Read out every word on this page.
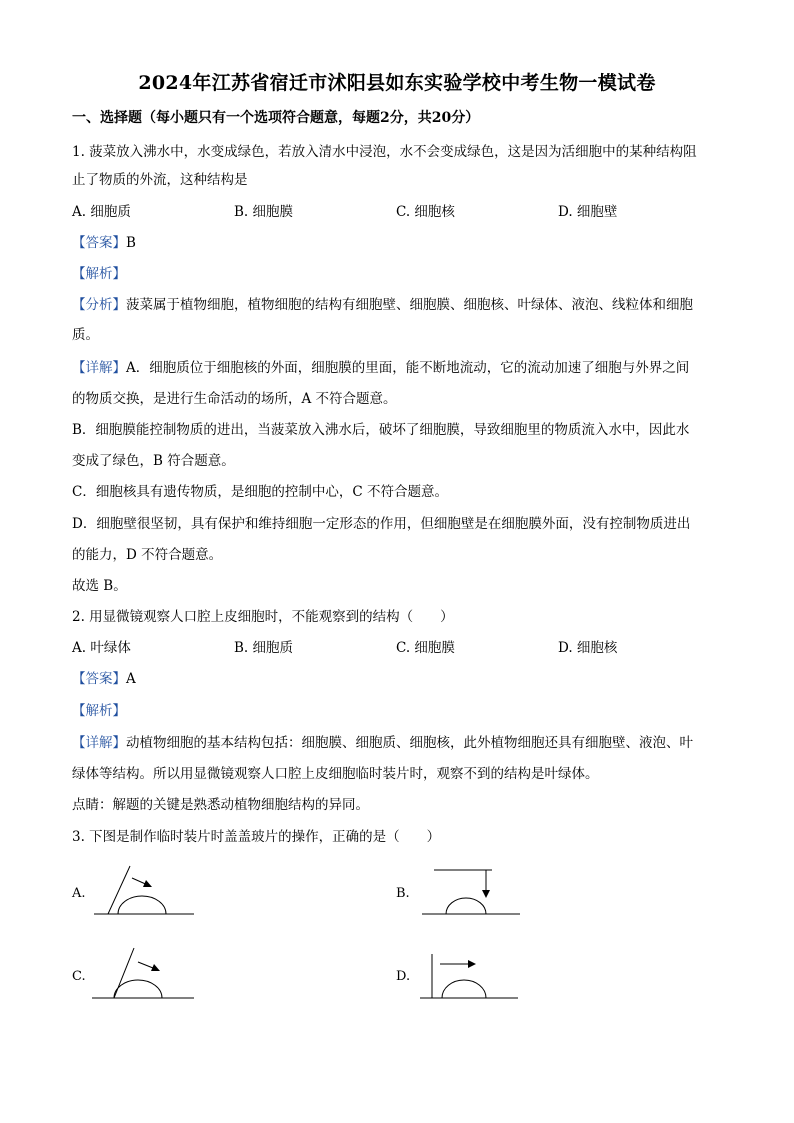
2024年江苏省宿迁市沭阳县如东实验学校中考生物一模试卷
一、选择题（每小题只有一个选项符合题意，每题2分，共20分）
1. 菠菜放入沸水中，水变成绿色，若放入清水中浸泡，水不会变成绿色，这是因为活细胞中的某种结构阻
止了物质的外流，这种结构是
A. 细胞质	B. 细胞膜	C. 细胞核	D. 细胞壁
【答案】B
【解析】
【分析】菠菜属于植物细胞，植物细胞的结构有细胞壁、细胞膜、细胞核、叶绿体、液泡、线粒体和细胞
质。
【详解】A．细胞质位于细胞核的外面，细胞膜的里面，能不断地流动，它的流动加速了细胞与外界之间
的物质交换，是进行生命活动的场所，A 不符合题意。
B．细胞膜能控制物质的进出，当菠菜放入沸水后，破坏了细胞膜，导致细胞里的物质流入水中，因此水
变成了绿色，B 符合题意。
C．细胞核具有遗传物质，是细胞的控制中心，C 不符合题意。
D．细胞壁很坚韧，具有保护和维持细胞一定形态的作用，但细胞壁是在细胞膜外面，没有控制物质进出
的能力，D 不符合题意。
故选 B。
2. 用显微镜观察人口腔上皮细胞时，不能观察到的结构（　　）
A. 叶绿体	B. 细胞质	C. 细胞膜	D. 细胞核
【答案】A
【解析】
【详解】动植物细胞的基本结构包括：细胞膜、细胞质、细胞核，此外植物细胞还具有细胞壁、液泡、叶
绿体等结构。所以用显微镜观察人口腔上皮细胞临时装片时，观察不到的结构是叶绿体。
点睛：解题的关键是熟悉动植物细胞结构的异同。
3. 下图是制作临时装片时盖盖玻片的操作，正确的是（　　）
A.	B.
C.	D.
